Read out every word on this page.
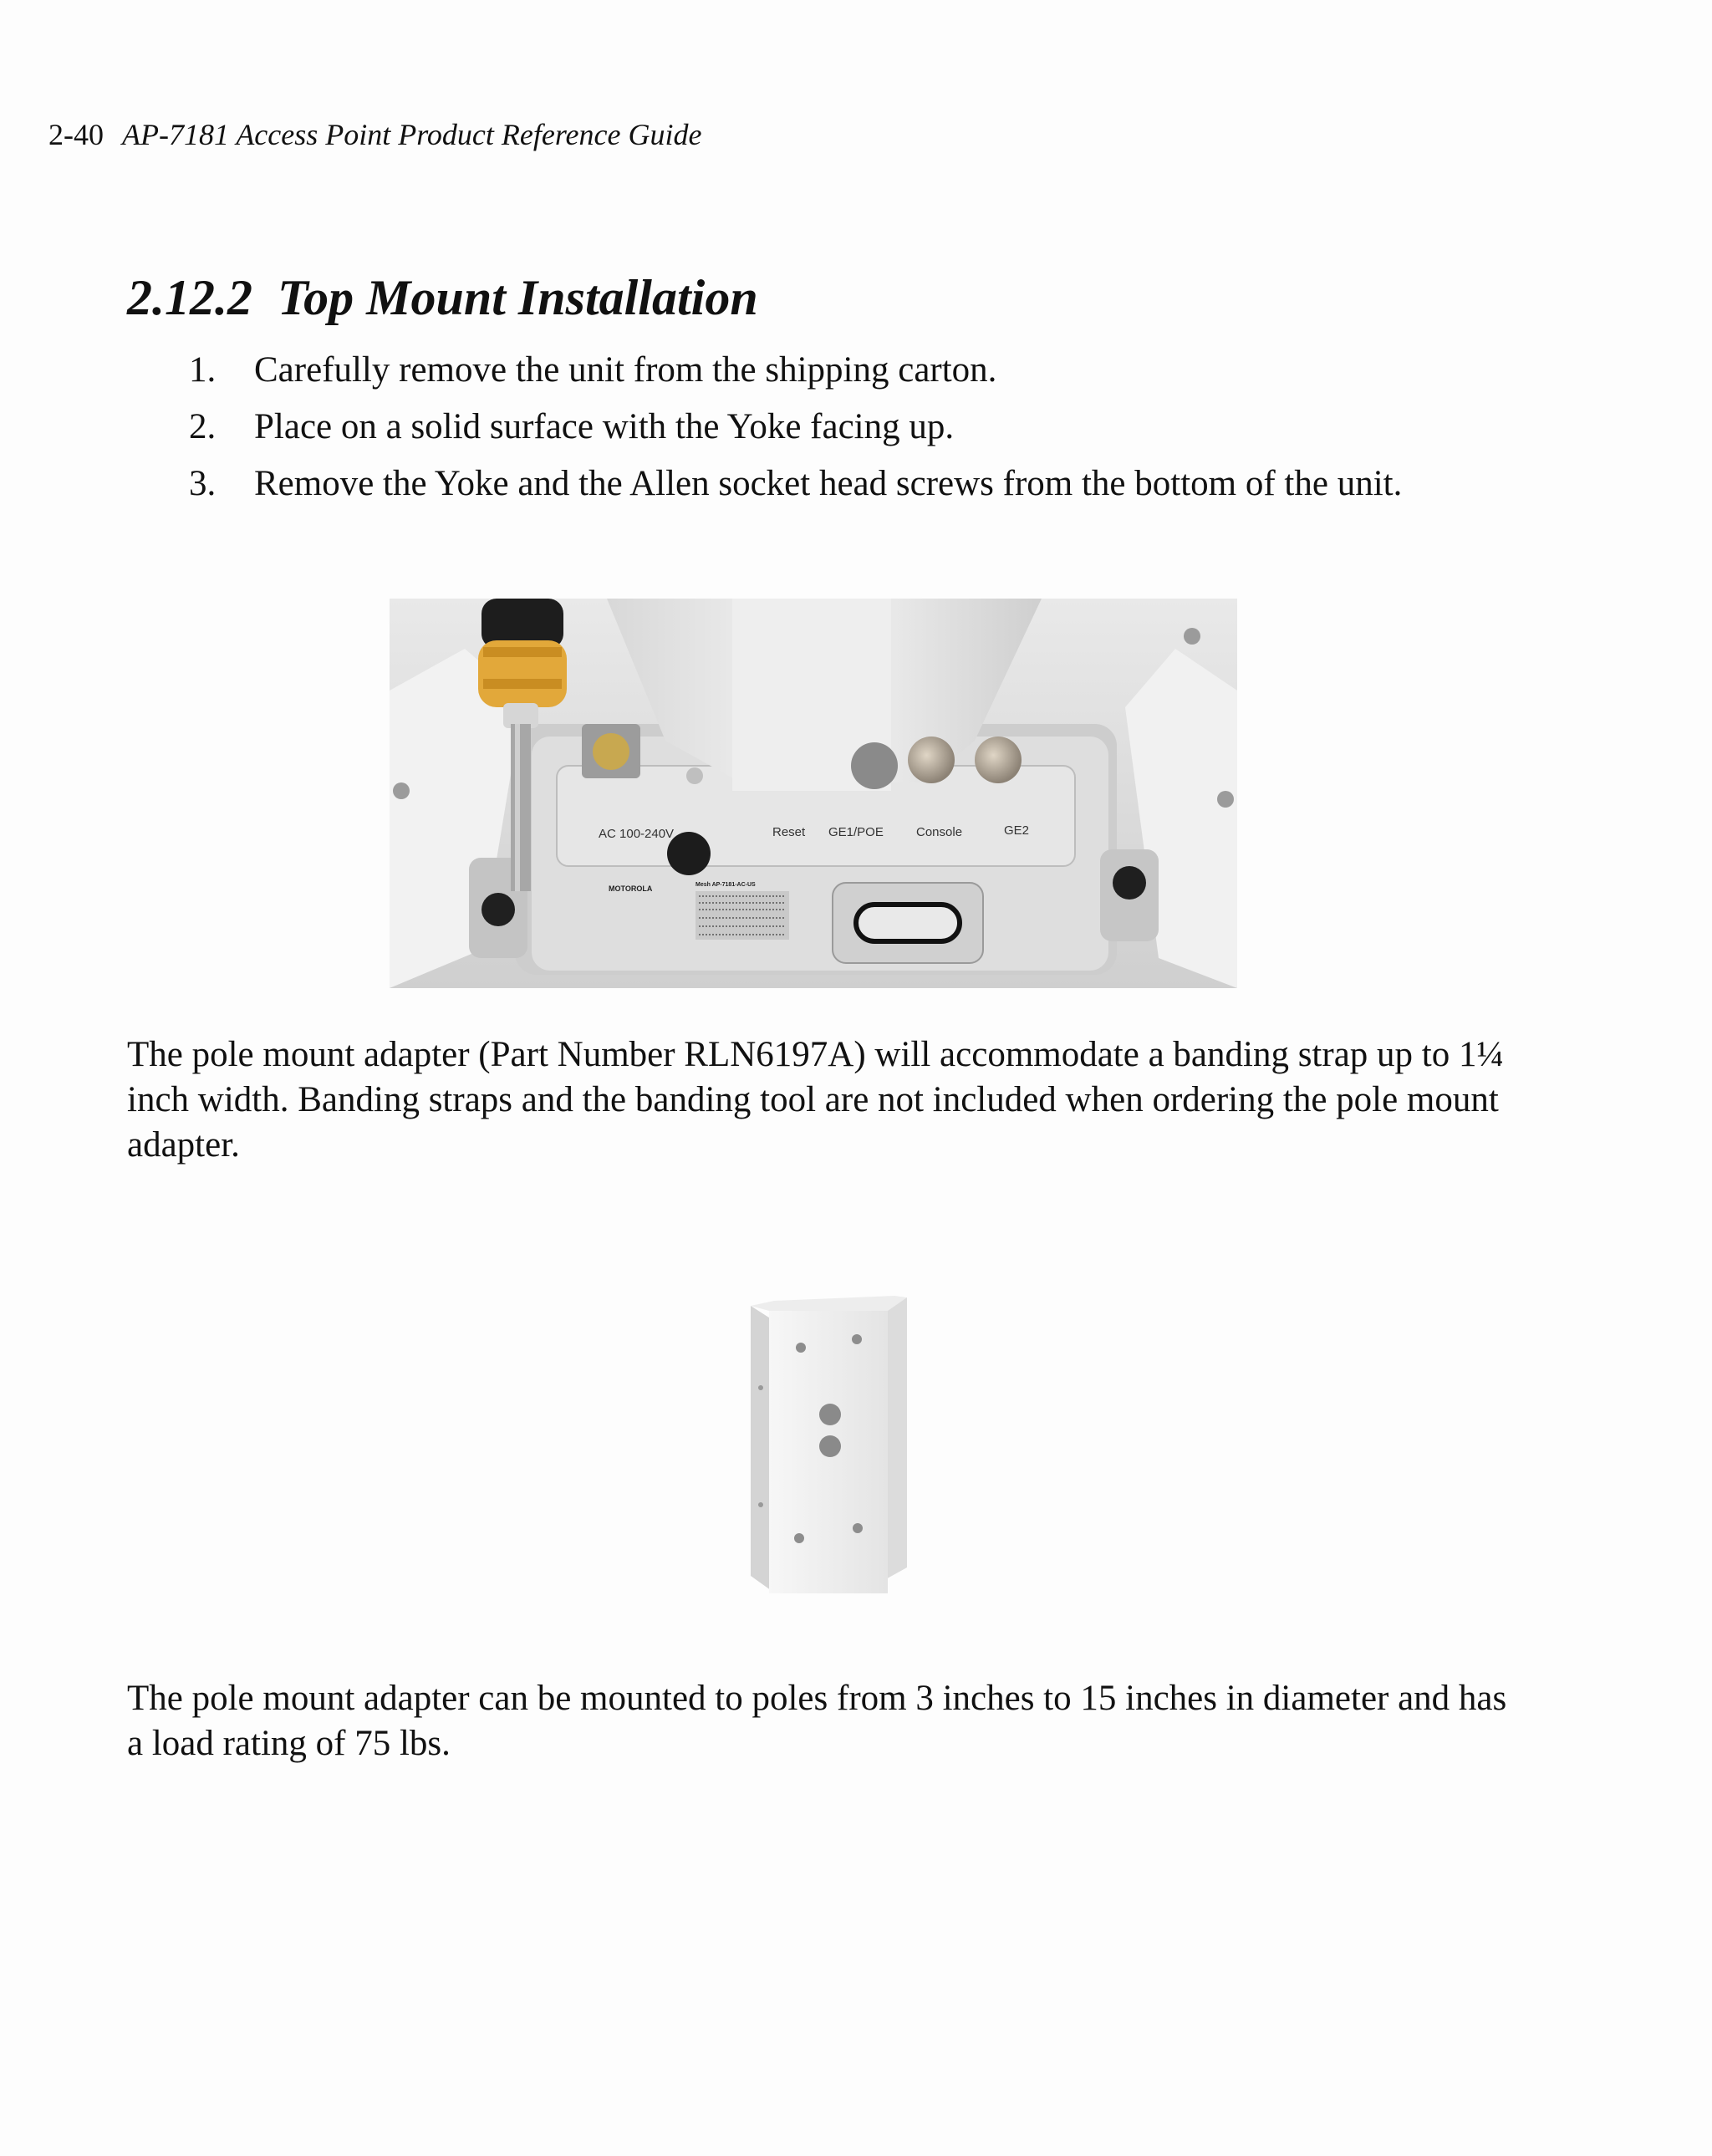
2-40 AP-7181 Access Point Product Reference Guide
2.12.2 Top Mount Installation
1. Carefully remove the unit from the shipping carton.
2. Place on a solid surface with the Yoke facing up.
3. Remove the Yoke and the Allen socket head screws from the bottom of the unit.
AC 100-240V	Reset GE1/POE	Console	GE2
MOTOROLA	Mesh AP-7181-AC-US

The pole mount adapter (Part Number RLN6197A) will accommodate a banding strap up to 1¼ inch width. Banding straps and the banding tool are not included when ordering the pole mount adapter.

The pole mount adapter can be mounted to poles from 3 inches to 15 inches in diameter and has a load rating of 75 lbs.
